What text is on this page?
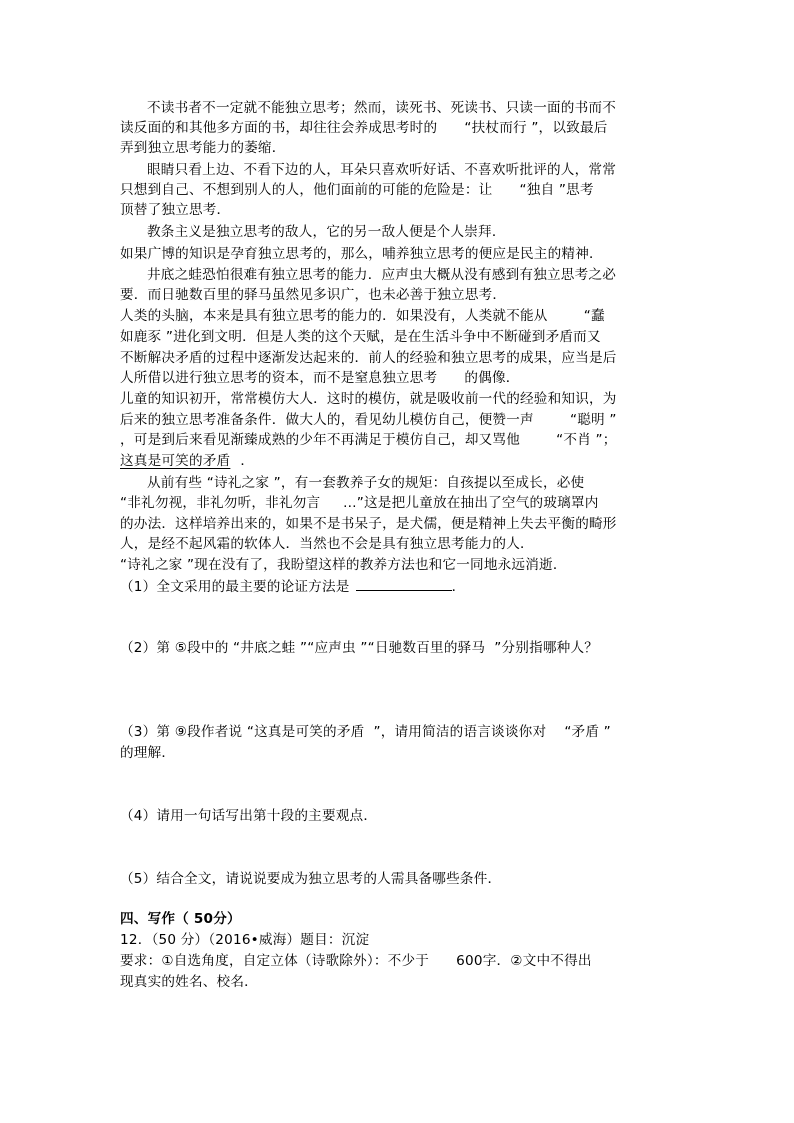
不读书者不一定就不能独立思考；然而，读死书、死读书、只读一面的书而不
读反面的和其他多方面的书，却往往会养成思考时的      “扶杖而行 ”，以致最后
弄到独立思考能力的萎缩．
眼睛只看上边、不看下边的人，耳朵只喜欢听好话、不喜欢听批评的人，常常
只想到自己、不想到别人的人，他们面前的可能的危险是：让      “独自 ”思考
顶替了独立思考．
教条主义是独立思考的敌人，它的另一敌人便是个人崇拜．
如果广博的知识是孕育独立思考的，那么，哺养独立思考的便应是民主的精神．
井底之蛙恐怕很难有独立思考的能力．应声虫大概从没有感到有独立思考之必
要．而日驰数百里的驿马虽然见多识广，也未必善于独立思考．
人类的头脑，本来是具有独立思考的能力的．如果没有，人类就不能从        “蠢
如鹿豕 ”进化到文明．但是人类的这个天赋，是在生活斗争中不断碰到矛盾而又
不断解决矛盾的过程中逐渐发达起来的．前人的经验和独立思考的成果，应当是后
人所借以进行独立思考的资本，而不是窒息独立思考      的偶像．
儿童的知识初开，常常模仿大人．这时的模仿，就是吸收前一代的经验和知识，为
后来的独立思考准备条件．做大人的，看见幼儿模仿自己，便赞一声        “聪明 ”
，可是到后来看见渐臻成熟的少年不再满足于模仿自己，却又骂他        “不肖 ”；
这真是可笑的矛盾 ．
从前有些 “诗礼之家 ”，有一套教养子女的规矩：自孩提以至成长，必使
“非礼勿视，非礼勿听，非礼勿言     …”这是把儿童放在抽出了空气的玻璃罩内
的办法．这样培养出来的，如果不是书呆子，是犬儒，便是精神上失去平衡的畸形
人，是经不起风霜的软体人．当然也不会是具有独立思考能力的人．
“诗礼之家 ”现在没有了，我盼望这样的教养方法也和它一同地永远消逝．
（1）全文采用的最主要的论证方法是	．
（2）第 ⑤段中的 “井底之蛙 ”“应声虫 ”“日驰数百里的驿马  ”分别指哪种人？
（3）第 ⑨段作者说 “这真是可笑的矛盾  ”，请用简洁的语言谈谈你对    “矛盾 ”
的理解．
（4）请用一句话写出第十段的主要观点．
（5）结合全文，请说说要成为独立思考的人需具备哪些条件．
四、写作（ 50分）
12．（50 分）（2016•威海）题目：沉淀
要求：①自选角度，自定立体（诗歌除外）：不少于      600字．②文中不得出
现真实的姓名、校名．
